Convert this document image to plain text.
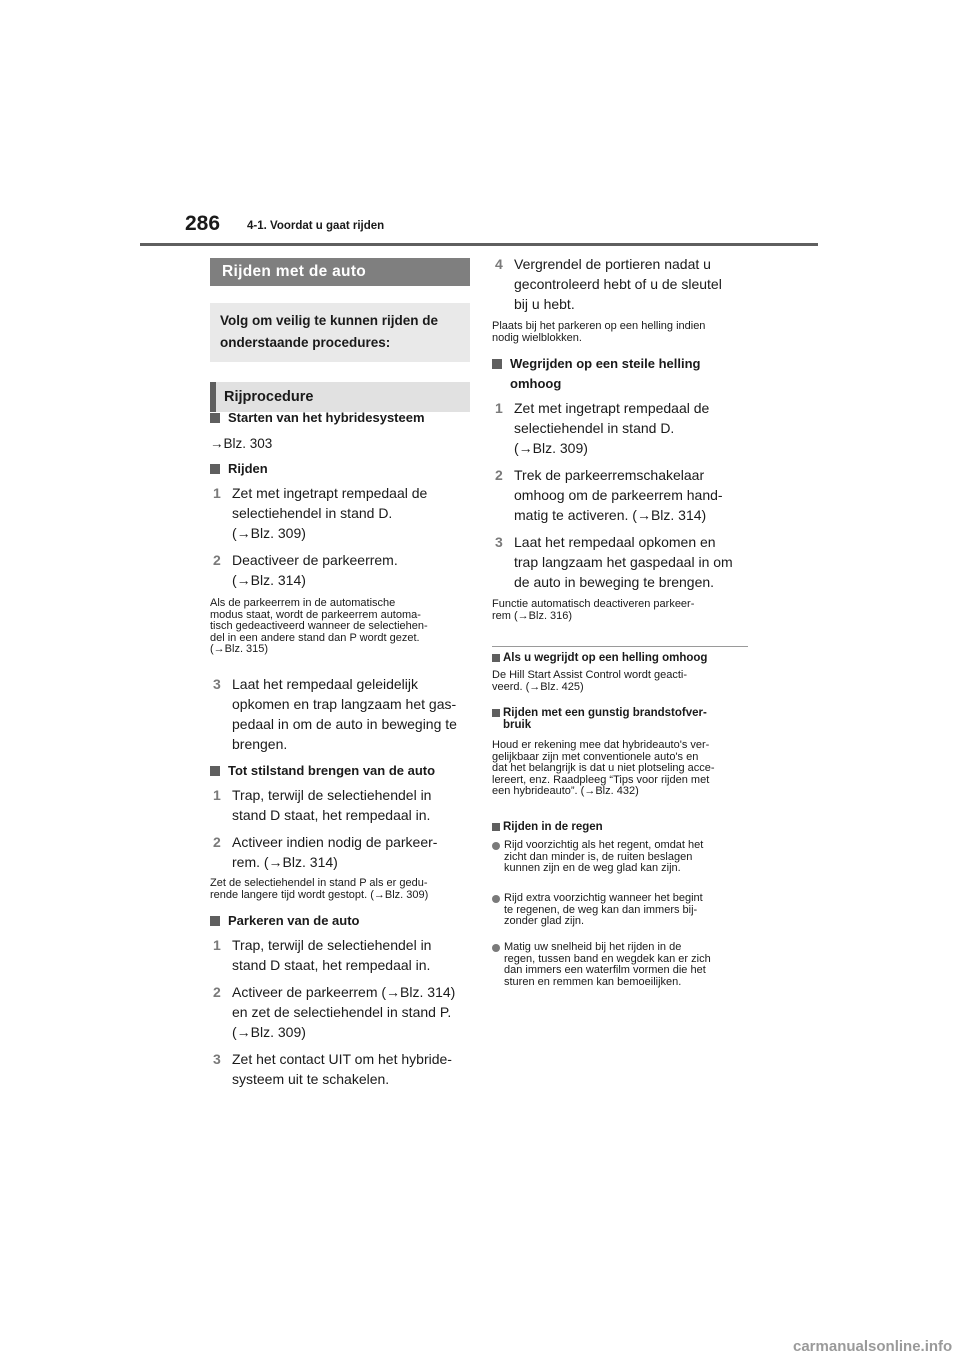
286 4-1. Voordat u gaat rijden
Rijden met de auto
Volg om veilig te kunnen rijden de onderstaande procedures:
Rijprocedure
Starten van het hybridesysteem
→Blz. 303
Rijden
1 Zet met ingetrapt rempedaal de
selectiehendel in stand D.
(→Blz. 309)
2 Deactiveer de parkeerrem.
(→Blz. 314)
Als de parkeerrem in de automatische
modus staat, wordt de parkeerrem automa-
tisch gedeactiveerd wanneer de selectiehen-
del in een andere stand dan P wordt gezet.
(→Blz. 315)
3 Laat het rempedaal geleidelijk
opkomen en trap langzaam het gas-
pedaal in om de auto in beweging te
brengen.
Tot stilstand brengen van de auto
1 Trap, terwijl de selectiehendel in
stand D staat, het rempedaal in.
2 Activeer indien nodig de parkeer-
rem. (→Blz. 314)
Zet de selectiehendel in stand P als er gedu-
rende langere tijd wordt gestopt. (→Blz. 309)
Parkeren van de auto
1 Trap, terwijl de selectiehendel in
stand D staat, het rempedaal in.
2 Activeer de parkeerrem (→Blz. 314)
en zet de selectiehendel in stand P.
(→Blz. 309)
3 Zet het contact UIT om het hybride-
systeem uit te schakelen.
4 Vergrendel de portieren nadat u
gecontroleerd hebt of u de sleutel
bij u hebt.
Plaats bij het parkeren op een helling indien
nodig wielblokken.
Wegrijden op een steile helling
omhoog
1 Zet met ingetrapt rempedaal de
selectiehendel in stand D.
(→Blz. 309)
2 Trek de parkeerremschakelaar
omhoog om de parkeerrem hand-
matig te activeren. (→Blz. 314)
3 Laat het rempedaal opkomen en
trap langzaam het gaspedaal in om
de auto in beweging te brengen.
Functie automatisch deactiveren parkeer-
rem (→Blz. 316)
Als u wegrijdt op een helling omhoog
De Hill Start Assist Control wordt geacti-
veerd. (→Blz. 425)
Rijden met een gunstig brandstofver-
bruik
Houd er rekening mee dat hybrideauto's ver-
gelijkbaar zijn met conventionele auto's en
dat het belangrijk is dat u niet plotseling acce-
lereert, enz. Raadpleeg “Tips voor rijden met
een hybrideauto”. (→Blz. 432)
Rijden in de regen
Rijd voorzichtig als het regent, omdat het
zicht dan minder is, de ruiten beslagen
kunnen zijn en de weg glad kan zijn.
Rijd extra voorzichtig wanneer het begint
te regenen, de weg kan dan immers bij-
zonder glad zijn.
Matig uw snelheid bij het rijden in de
regen, tussen band en wegdek kan er zich
dan immers een waterfilm vormen die het
sturen en remmen kan bemoeilijken.
carmanualsonline.info
